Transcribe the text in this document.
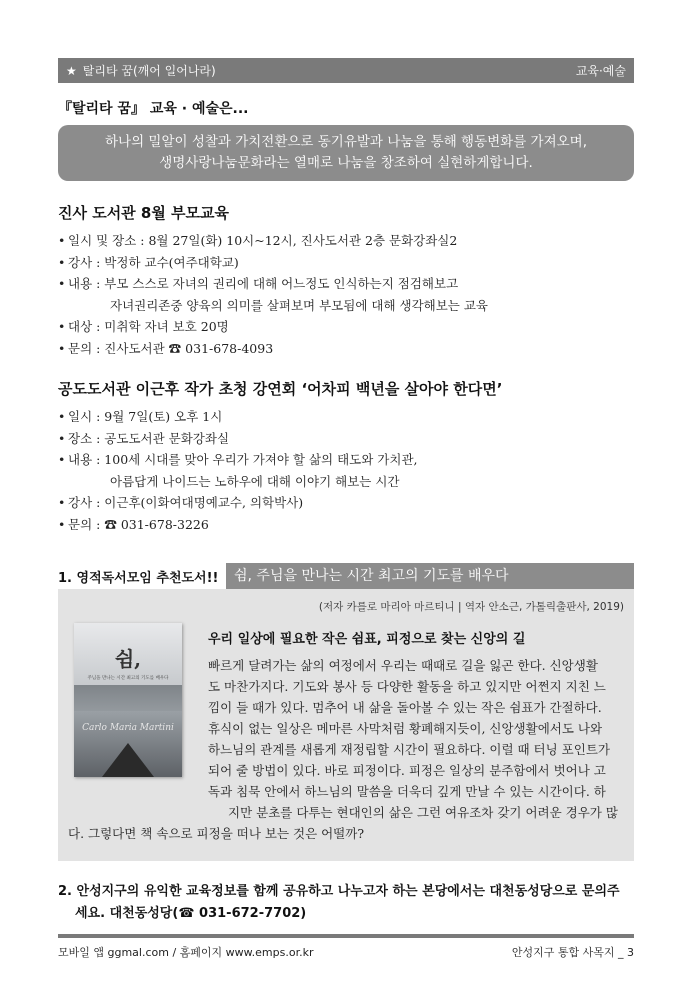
★ 탈리타 꿈(깨어 일어나라)	교육·예술
『탈리타 꿈』 교육 · 예술은...
하나의 밀알이 성찰과 가치전환으로 동기유발과 나눔을 통해 행동변화를 가져오며,
생명사랑나눔문화라는 열매로 나눔을 창조하여 실현하게합니다.
진사 도서관 8월 부모교육
• 일시 및 장소 : 8월 27일(화) 10시~12시, 진사도서관 2층 문화강좌실2
• 강사 : 박정하 교수(여주대학교)
• 내용 : 부모 스스로 자녀의 권리에 대해 어느정도 인식하는지 점검해보고
자녀권리존중 양육의 의미를 살펴보며 부모됨에 대해 생각해보는 교육
• 대상 : 미취학 자녀 보호 20명
• 문의 : 진사도서관 ☎ 031-678-4093
공도도서관 이근후 작가 초청 강연회 ‘어차피 백년을 살아야 한다면’
• 일시 : 9월 7일(토) 오후 1시
• 장소 : 공도도서관 문화강좌실
• 내용 : 100세 시대를 맞아 우리가 가져야 할 삶의 태도와 가치관,
아름답게 나이드는 노하우에 대해 이야기 해보는 시간
• 강사 : 이근후(이화여대명예교수, 의학박사)
• 문의 : ☎ 031-678-3226
1. 영적독서모임 추천도서!!	쉼, 주님을 만나는 시간 최고의 기도를 배우다
(저자 카를로 마리아 마르티니 | 역자 안소근, 가톨릭출판사, 2019)
쉼,
주님을 만나는 시간 최고의 기도를 배우다
Carlo Maria Martini
우리 일상에 필요한 작은 쉼표, 피정으로 찾는 신앙의 길
빠르게 달려가는 삶의 여정에서 우리는 때때로 길을 잃곤 한다. 신앙생활
도 마찬가지다. 기도와 봉사 등 다양한 활동을 하고 있지만 어쩐지 지친 느
낌이 들 때가 있다. 멈추어 내 삶을 돌아볼 수 있는 작은 쉼표가 간절하다.
휴식이 없는 일상은 메마른 사막처럼 황폐해지듯이, 신앙생활에서도 나와
하느님의 관계를 새롭게 재정립할 시간이 필요하다. 이럴 때 터닝 포인트가
되어 줄 방법이 있다. 바로 피정이다. 피정은 일상의 분주함에서 벗어나 고
독과 침묵 안에서 하느님의 말씀을 더욱더 깊게 만날 수 있는 시간이다. 하
지만 분초를 다투는 현대인의 삶은 그런 여유조차 갖기 어려운 경우가 많
다. 그렇다면 책 속으로 피정을 떠나 보는 것은 어떨까?
2. 안성지구의 유익한 교육정보를 함께 공유하고 나누고자 하는 본당에서는 대천동성당으로 문의주
세요. 대천동성당(☎ 031-672-7702)
모바일 앱 ggmal.com / 홈페이지 www.emps.or.kr	안성지구 통합 사목지 _ 3
